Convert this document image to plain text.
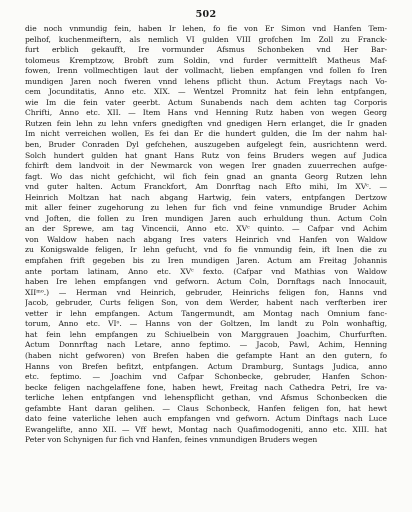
502
die noch vnmundig fein, haben Ir lehen, fo fie von Er Simon vnd Hanfen Tem-
pelhof, kuchenmeiftern, als nemlich VI gulden VIII grofchen Im Zoll zu Franck-
furt erblich gekaufft, Ire vormunder Afsmus Schonbeken vnd Her Bar-
tolomeus Kremptzow, Brobft zum Soldin, vnd furder vermittelft Matheus Maf-
fowen, Irenn vollmechtigen laut der vollmacht, lieben empfangen vnd follen fo Iren
mundigen Jaren noch fweren vnnd lehens pflicht thun. Actum Freytags nach Vo-
cem Jocunditatis, Anno etc. XIX. — Wentzel Promnitz hat fein lehn entpfangen,
wie Im die fein vater geerbt. Actum Sunabends nach dem achten tag Corporis
Chrifti, Anno etc. XII. — Item Hans vnd Henning Rutz haben von wegen Georg
Rutzen fein lehn zu lehn vnfers gnedigften vnd gnedigen Hern erlanget, die Ir gnaden
Im nicht verreichen wollen, Es fei dan Er die hundert gulden, die Im der nahm hal-
ben, Bruder Conraden Dyl gefchehen, auszugeben aufgelegt fein, ausrichtenn werd.
Solch hundert gulden hat gnant Hans Rutz von feins Bruders wegen auf Judica
fchirft dem landvoit in der Newmarck von wegen Irer gnaden zuuerrechen aufge-
fagt. Wo das nicht gefchicht, wil fich fein gnad an gnanta Georg Rutzen lehn
vnd guter halten. Actum Franckfort, Am Donrftag nach Efto mihi, Im XVᶜ. —
Heinrich Moltzan hat nach abgang Hartwig, fein vaters, entpfangen Dertzow
mit aller feiner zugehorung zu lehen fur fich vnd feine vnmundige Bruder Achim
vnd Joften, die follen zu Iren mundigen Jaren auch erhuldung thun. Actum Coln
an der Sprewe, am tag Vincencii, Anno etc. XVᶜ quinto. — Cafpar vnd Achim
von Waldow haben nach abgang Ires vaters Heinrich vnd Hanfen von Waldow
zu Konigswalde feligen, Ir lehn gefucht, vnd fo fie vnmundig fein, ift Inen die zu
empfahen frift gegeben bis zu Iren mundigen Jaren. Actum am Freitag Johannis
ante portam latinam, Anno etc. XVᶜ fexto. (Cafpar vnd Mathias von Waldow
haben Ire lehen empfangen vnd gefworn. Actum Coln, Dornftags nach Innocauit,
XIIᵐᵒ.) — Herman vnd Heinrich, gebruder, Heinrichs feligen fon, Hanns vnd
Jacob, gebruder, Curts feligen Son, von dem Werder, habent nach verfterben irer
vetter ir lehn empfangen. Actum Tangermundt, am Montag nach Omnium fanc-
torum, Anno etc. VIᵒ. — Hanns von der Goltzen, Im landt zu Poln wonhaftig,
hat fein lehn empfangen zu Schiuelbein von Marggrauen Joachim, Churfurften.
Actum Donnrftag nach Letare, anno feptimo. — Jacob, Pawl, Achim, Henning
(haben nicht gefworen) von Brefen haben die gefampte Hant an den gutern, fo
Hanns von Brefen befitzt, entpfangen. Actum Dramburg, Suntags Judica, anno
etc. feptimo. — Joachim vnd Cafpar Schonbecke, gebruder, Hanfen Schon-
becke feligen nachgelaffene fone, haben hewt, Freitag nach Cathedra Petri, Ire va-
terliche lehen entpfangen vnd lehenspflicht gethan, vnd Afsmus Schonbecken die
gefambte Hant daran gelihen. — Claus Schonbeck, Hanfen feligen fon, hat hewt
dato feine vaterliche lehen auch empfangen vnd gefworn. Actum Dinftags nach Luce
Ewangelifte, anno XII. — Vff hewt, Montag nach Quafimodogeniti, anno etc. XIII. hat
Peter von Schynigen fur fich vnd Hanfen, feines vnmundigen Bruders wegen
